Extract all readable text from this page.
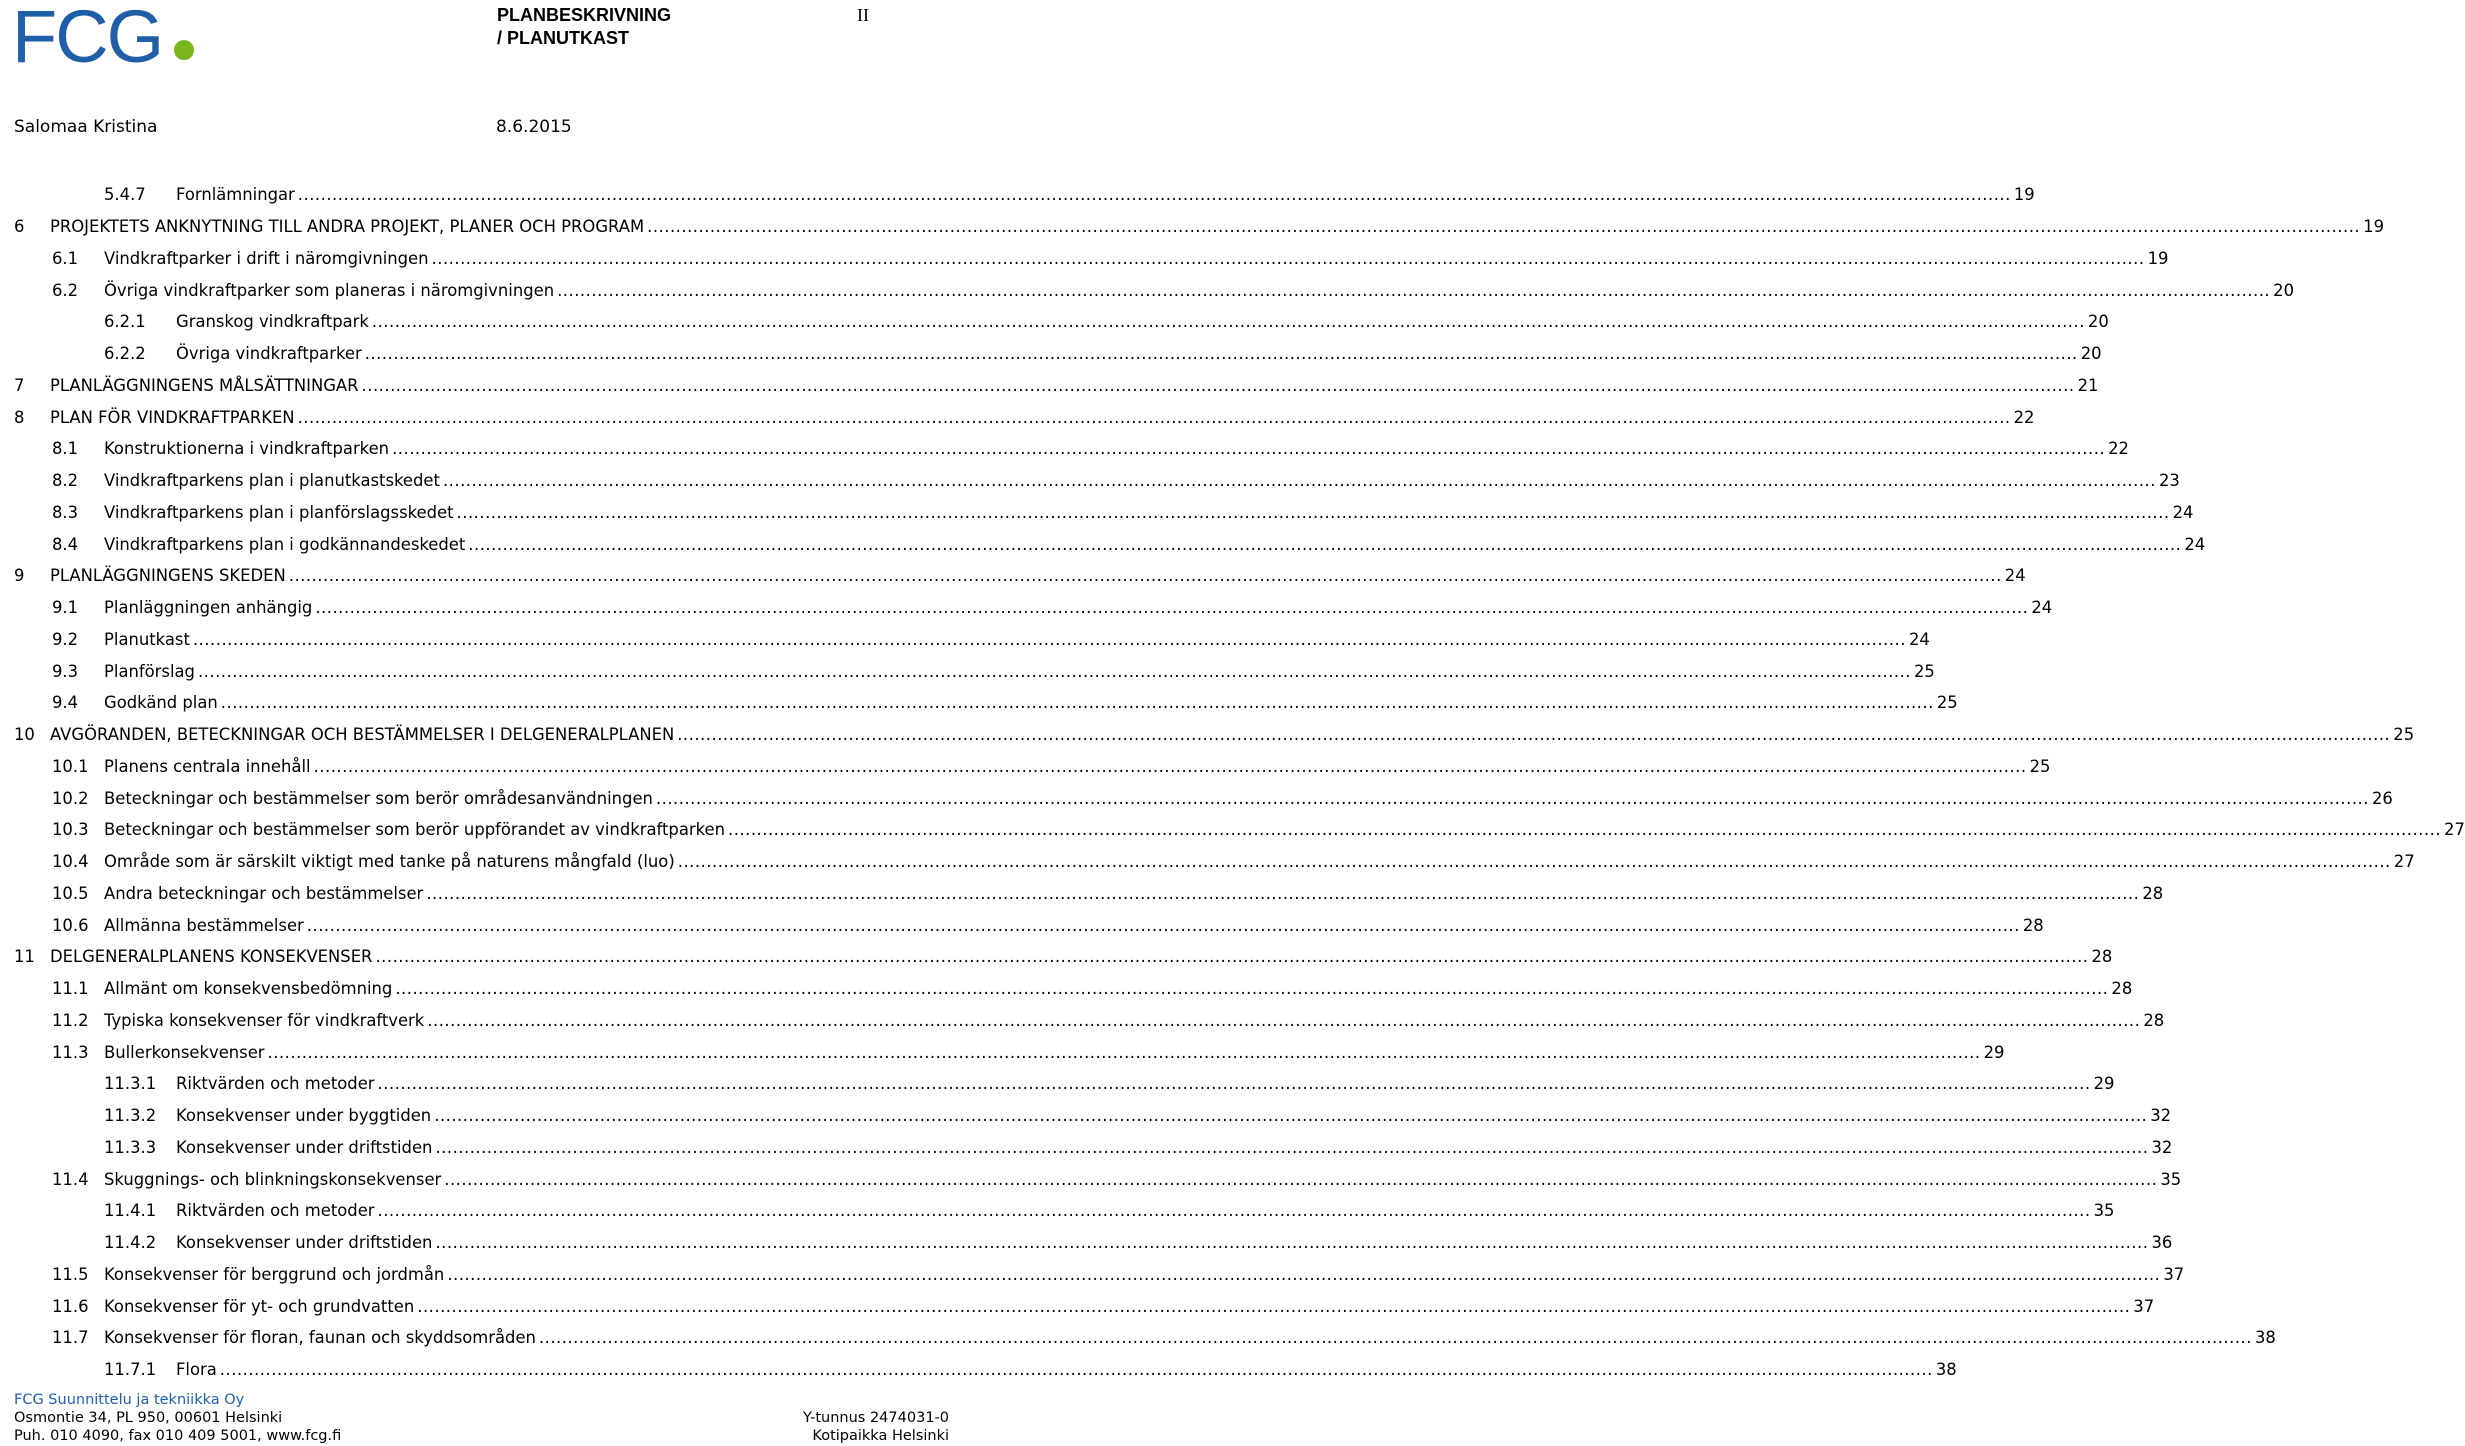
FCG	PLANBESKRIVNING
/ PLANUTKAST
II
Salomaa Kristina	8.6.2015
5.4.7	Fornlämningar ............................................................................................................................................................................................................................................................................................................ 19
6	PROJEKTETS ANKNYTNING TILL ANDRA PROJEKT, PLANER OCH PROGRAM ............................................................................................................................................................................................................................................................................................................ 19
6.1	Vindkraftparker i drift i näromgivningen ............................................................................................................................................................................................................................................................................................................ 19
6.2	Övriga vindkraftparker som planeras i näromgivningen ............................................................................................................................................................................................................................................................................................................ 20
6.2.1	Granskog vindkraftpark ............................................................................................................................................................................................................................................................................................................ 20
6.2.2	Övriga vindkraftparker ............................................................................................................................................................................................................................................................................................................ 20
7	PLANLÄGGNINGENS MÅLSÄTTNINGAR ............................................................................................................................................................................................................................................................................................................ 21
8	PLAN FÖR VINDKRAFTPARKEN ............................................................................................................................................................................................................................................................................................................ 22
8.1	Konstruktionerna i vindkraftparken ............................................................................................................................................................................................................................................................................................................ 22
8.2	Vindkraftparkens plan i planutkastskedet ............................................................................................................................................................................................................................................................................................................ 23
8.3	Vindkraftparkens plan i planförslagsskedet ............................................................................................................................................................................................................................................................................................................ 24
8.4	Vindkraftparkens plan i godkännandeskedet ............................................................................................................................................................................................................................................................................................................ 24
9	PLANLÄGGNINGENS SKEDEN ............................................................................................................................................................................................................................................................................................................ 24
9.1	Planläggningen anhängig ............................................................................................................................................................................................................................................................................................................ 24
9.2	Planutkast ............................................................................................................................................................................................................................................................................................................ 24
9.3	Planförslag ............................................................................................................................................................................................................................................................................................................ 25
9.4	Godkänd plan ............................................................................................................................................................................................................................................................................................................ 25
10 AVGÖRANDEN, BETECKNINGAR OCH BESTÄMMELSER I DELGENERALPLANEN ............................................................................................................................................................................................................................................................................................................ 25
10.1 Planens centrala innehåll ............................................................................................................................................................................................................................................................................................................ 25
10.2 Beteckningar och bestämmelser som berör områdesanvändningen ............................................................................................................................................................................................................................................................................................................ 26
10.3 Beteckningar och bestämmelser som berör uppförandet av vindkraftparken ............................................................................................................................................................................................................................................................................................................ 27
10.4 Område som är särskilt viktigt med tanke på naturens mångfald (luo) ............................................................................................................................................................................................................................................................................................................ 27
10.5 Andra beteckningar och bestämmelser ............................................................................................................................................................................................................................................................................................................ 28
10.6 Allmänna bestämmelser ............................................................................................................................................................................................................................................................................................................ 28
11 DELGENERALPLANENS KONSEKVENSER ............................................................................................................................................................................................................................................................................................................ 28
11.1 Allmänt om konsekvensbedömning ............................................................................................................................................................................................................................................................................................................ 28
11.2 Typiska konsekvenser för vindkraftverk ............................................................................................................................................................................................................................................................................................................ 28
11.3 Bullerkonsekvenser ............................................................................................................................................................................................................................................................................................................ 29
11.3.1	Riktvärden och metoder ............................................................................................................................................................................................................................................................................................................ 29
11.3.2	Konsekvenser under byggtiden ............................................................................................................................................................................................................................................................................................................ 32
11.3.3	Konsekvenser under driftstiden ............................................................................................................................................................................................................................................................................................................ 32
11.4 Skuggnings- och blinkningskonsekvenser ............................................................................................................................................................................................................................................................................................................ 35
11.4.1	Riktvärden och metoder ............................................................................................................................................................................................................................................................................................................ 35
11.4.2	Konsekvenser under driftstiden ............................................................................................................................................................................................................................................................................................................ 36
11.5 Konsekvenser för berggrund och jordmån ............................................................................................................................................................................................................................................................................................................ 37
11.6 Konsekvenser för yt- och grundvatten ............................................................................................................................................................................................................................................................................................................ 37
11.7 Konsekvenser för floran, faunan och skyddsområden ............................................................................................................................................................................................................................................................................................................ 38
11.7.1	Flora ............................................................................................................................................................................................................................................................................................................ 38
FCG Suunnittelu ja tekniikka Oy
Osmontie 34, PL 950, 00601 Helsinki	Y-tunnus 2474031-0
Puh. 010 4090, fax 010 409 5001, www.fcg.fi	Kotipaikka Helsinki
